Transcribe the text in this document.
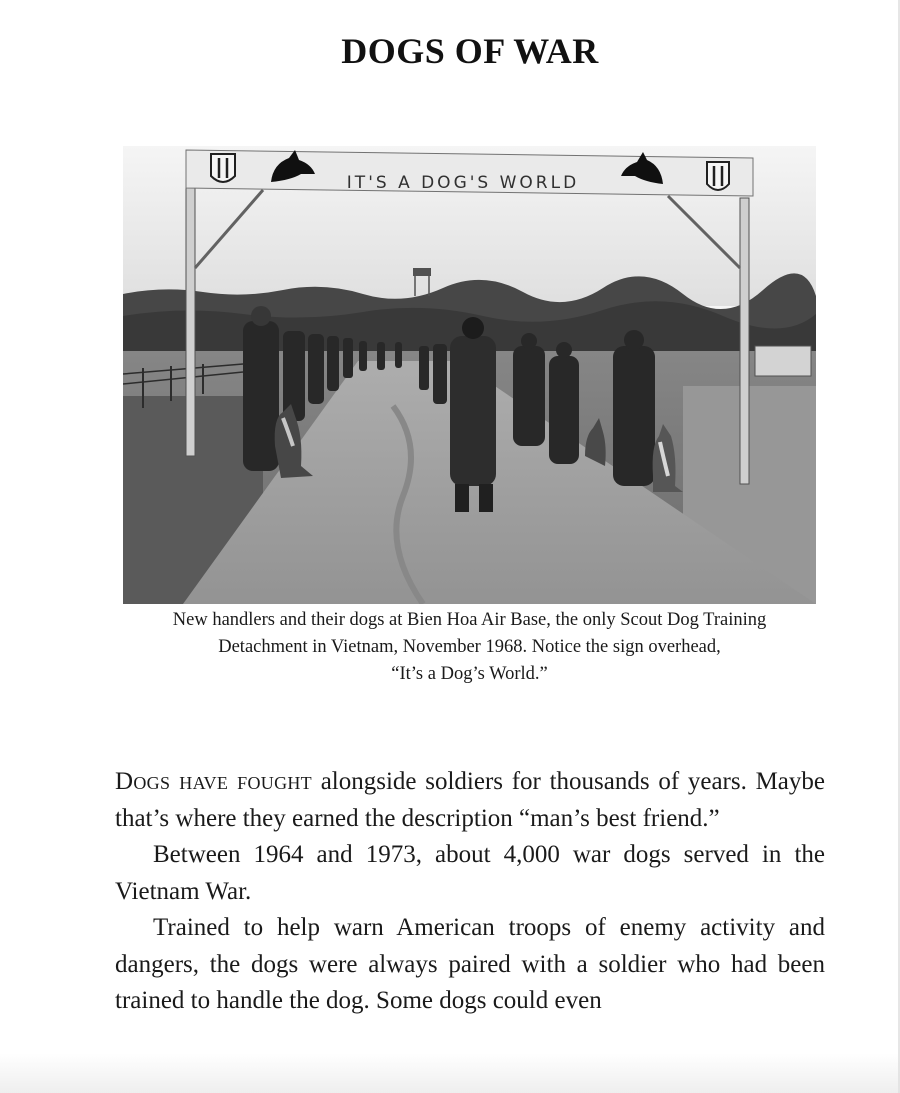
DOGS OF WAR
IT'S A DOG'S WORLD
New handlers and their dogs at Bien Hoa Air Base, the only Scout Dog Training
Detachment in Vietnam, November 1968. Notice the sign overhead,
“It’s a Dog’s World.”

Dogs have fought alongside soldiers for thousands of years. Maybe that’s where they earned the description “man’s best friend.”

Between 1964 and 1973, about 4,000 war dogs served in the Vietnam War.

Trained to help warn American troops of enemy activity and dangers, the dogs were always paired with a soldier who had been trained to handle the dog. Some dogs could even
